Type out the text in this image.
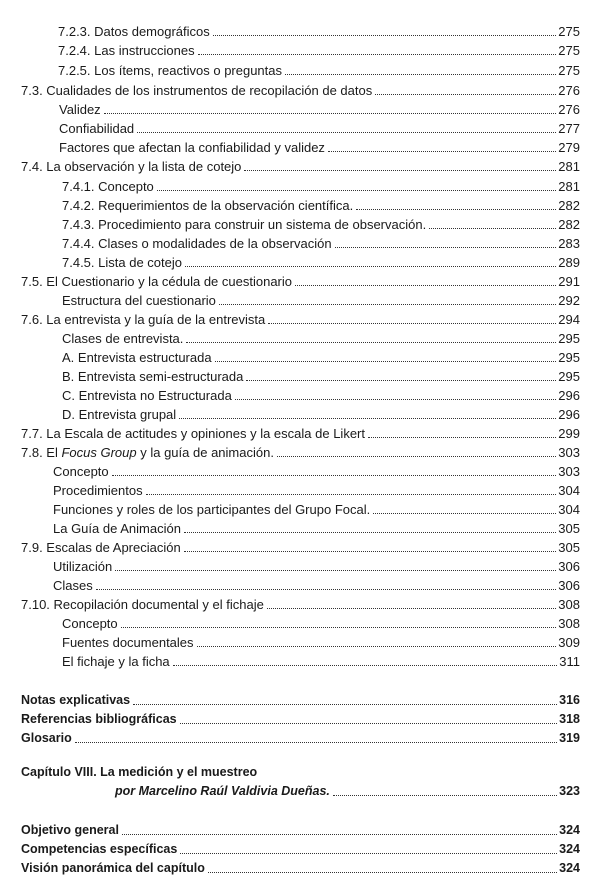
7.2.3. Datos demográficos	275
7.2.4. Las instrucciones	275
7.2.5. Los ítems, reactivos o preguntas	275
7.3. Cualidades de los instrumentos de recopilación de datos	276
Validez	276
Confiabilidad	277
Factores que afectan la confiabilidad y validez	279
7.4. La observación y la lista de cotejo	281
7.4.1. Concepto	281
7.4.2. Requerimientos de la observación científica.	282
7.4.3. Procedimiento para construir un sistema de observación.	282
7.4.4. Clases o modalidades de la observación	283
7.4.5. Lista de cotejo	289
7.5. El Cuestionario y la cédula de cuestionario	291
Estructura del cuestionario	292
7.6. La entrevista y la guía de la entrevista	294
Clases de entrevista.	295
A. Entrevista estructurada	295
B. Entrevista semi-estructurada	295
C. Entrevista no Estructurada	296
D. Entrevista grupal	296
7.7. La Escala de actitudes y opiniones y la escala de Likert	299
7.8. El Focus Group y la guía de animación.	303
Concepto	303
Procedimientos	304
Funciones y roles de los participantes del Grupo Focal.	304
La Guía de Animación	305
7.9. Escalas de Apreciación	305
Utilización	306
Clases	306
7.10. Recopilación documental y el fichaje	308
Concepto	308
Fuentes documentales	309
El fichaje y la ficha	311
Notas explicativas	316
Referencias bibliográficas	318
Glosario	319
Capítulo VIII. La medición y el muestreo
por Marcelino Raúl Valdivia Dueñas.	323
Objetivo general	324
Competencias específicas	324
Visión panorámica del capítulo	324
